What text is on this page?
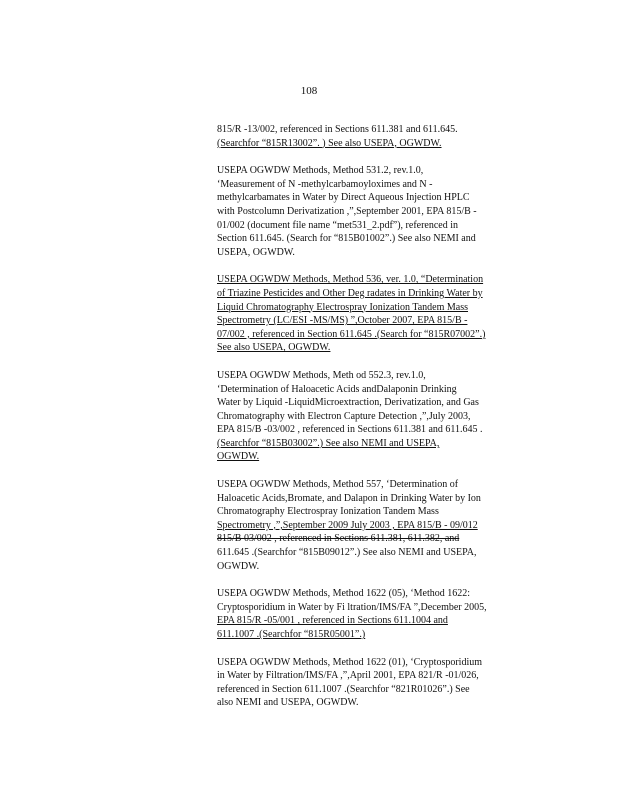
108

815/R -13/002, referenced in Sections 611.381 and 611.645.
(Searchfor “815R13002”. ) See also USEPA, OGWDW.

USEPA OGWDW Methods, Method 531.2, rev.1.0,
‘Measurement of N -methylcarbamoyloximes and N -
methylcarbamates in Water by Direct Aqueous Injection HPLC
with Postcolumn Derivatization ,”,September 2001, EPA 815/B -
01/002 (document file name “met531_2.pdf”), referenced in
Section 611.645. (Search for “815B01002”.) See also NEMI and
USEPA, OGWDW.

USEPA OGWDW Methods, Method 536, ver. 1.0, “Determination
of Triazine Pesticides and Other Deg radates in Drinking Water by
Liquid Chromatography Electrospray Ionization Tandem Mass
Spectrometry (LC/ESI -MS/MS) ”,October 2007, EPA 815/B -
07/002 , referenced in Section 611.645 .(Search for “815R07002”.)
See also USEPA, OGWDW.

USEPA OGWDW Methods, Meth od 552.3, rev.1.0,
‘Determination of Haloacetic Acids andDalaponin Drinking
Water by Liquid -LiquidMicroextraction, Derivatization, and Gas
Chromatography with Electron Capture Detection ,”,July 2003,
EPA 815/B -03/002 , referenced in Sections 611.381 and 611.645 .
(Searchfor “815B03002”.) See also NEMI and USEPA,
OGWDW.

USEPA OGWDW Methods, Method 557, ‘Determination of
Haloacetic Acids,Bromate, and Dalapon in Drinking Water by Ion
Chromatography Electrospray Ionization Tandem Mass
Spectrometry ,”,September 2009 July 2003 , EPA 815/B - 09/012
815/B 03/002 , referenced in Sections 611.381, 611.382, and
611.645 .(Searchfor “815B09012”.) See also NEMI and USEPA,
OGWDW.

USEPA OGWDW Methods, Method 1622 (05), ‘Method 1622:
Cryptosporidium in Water by Fi ltration/IMS/FA ”,December 2005,
EPA 815/R -05/001 , referenced in Sections 611.1004 and
611.1007 .(Searchfor “815R05001”.)

USEPA OGWDW Methods, Method 1622 (01), ‘Cryptosporidium
in Water by Filtration/IMS/FA ,”,April 2001, EPA 821/R -01/026,
referenced in Section 611.1007 .(Searchfor “821R01026”.) See
also NEMI and USEPA, OGWDW.
